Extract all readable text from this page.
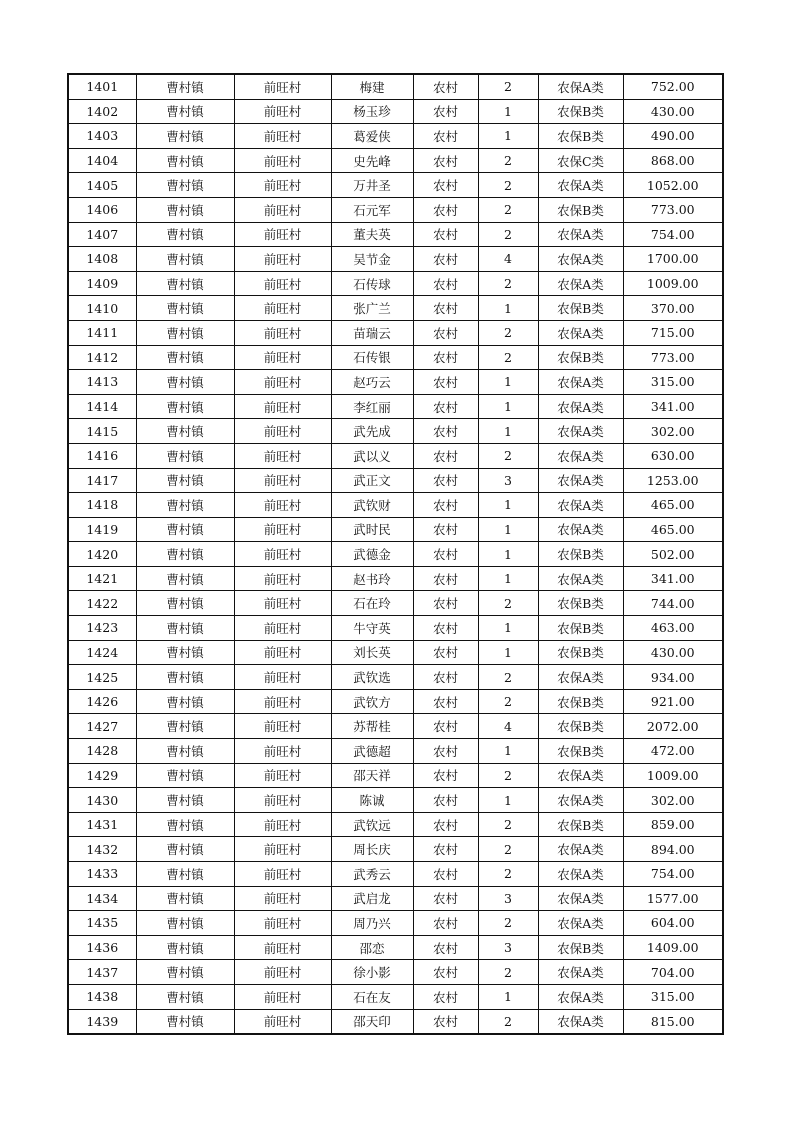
1401	曹村镇	前旺村	梅建	农村	2	农保A类	752.00
1402	曹村镇	前旺村	杨玉珍	农村	1	农保B类	430.00
1403	曹村镇	前旺村	葛爱侠	农村	1	农保B类	490.00
1404	曹村镇	前旺村	史先峰	农村	2	农保C类	868.00
1405	曹村镇	前旺村	万井圣	农村	2	农保A类	1052.00
1406	曹村镇	前旺村	石元军	农村	2	农保B类	773.00
1407	曹村镇	前旺村	董夫英	农村	2	农保A类	754.00
1408	曹村镇	前旺村	吴节金	农村	4	农保A类	1700.00
1409	曹村镇	前旺村	石传球	农村	2	农保A类	1009.00
1410	曹村镇	前旺村	张广兰	农村	1	农保B类	370.00
1411	曹村镇	前旺村	苗瑞云	农村	2	农保A类	715.00
1412	曹村镇	前旺村	石传银	农村	2	农保B类	773.00
1413	曹村镇	前旺村	赵巧云	农村	1	农保A类	315.00
1414	曹村镇	前旺村	李红丽	农村	1	农保A类	341.00
1415	曹村镇	前旺村	武先成	农村	1	农保A类	302.00
1416	曹村镇	前旺村	武以义	农村	2	农保A类	630.00
1417	曹村镇	前旺村	武正文	农村	3	农保A类	1253.00
1418	曹村镇	前旺村	武钦财	农村	1	农保A类	465.00
1419	曹村镇	前旺村	武时民	农村	1	农保A类	465.00
1420	曹村镇	前旺村	武德金	农村	1	农保B类	502.00
1421	曹村镇	前旺村	赵书玲	农村	1	农保A类	341.00
1422	曹村镇	前旺村	石在玲	农村	2	农保B类	744.00
1423	曹村镇	前旺村	牛守英	农村	1	农保B类	463.00
1424	曹村镇	前旺村	刘长英	农村	1	农保B类	430.00
1425	曹村镇	前旺村	武钦选	农村	2	农保A类	934.00
1426	曹村镇	前旺村	武钦方	农村	2	农保B类	921.00
1427	曹村镇	前旺村	苏帮桂	农村	4	农保B类	2072.00
1428	曹村镇	前旺村	武德超	农村	1	农保B类	472.00
1429	曹村镇	前旺村	邵天祥	农村	2	农保A类	1009.00
1430	曹村镇	前旺村	陈诚	农村	1	农保A类	302.00
1431	曹村镇	前旺村	武钦远	农村	2	农保B类	859.00
1432	曹村镇	前旺村	周长庆	农村	2	农保A类	894.00
1433	曹村镇	前旺村	武秀云	农村	2	农保A类	754.00
1434	曹村镇	前旺村	武启龙	农村	3	农保A类	1577.00
1435	曹村镇	前旺村	周乃兴	农村	2	农保A类	604.00
1436	曹村镇	前旺村	邵恋	农村	3	农保B类	1409.00
1437	曹村镇	前旺村	徐小影	农村	2	农保A类	704.00
1438	曹村镇	前旺村	石在友	农村	1	农保A类	315.00
1439	曹村镇	前旺村	邵天印	农村	2	农保A类	815.00
